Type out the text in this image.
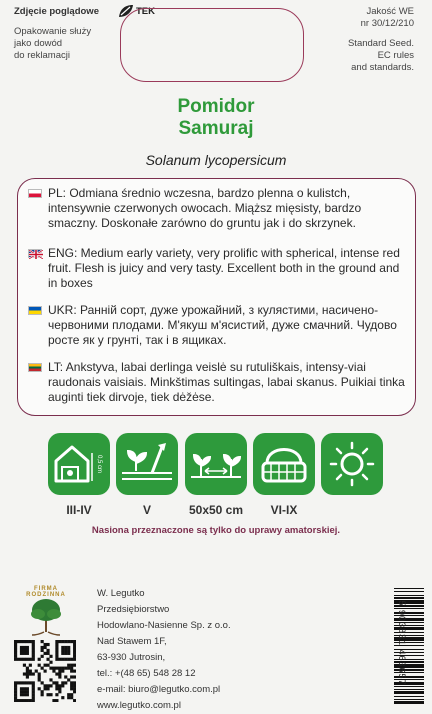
Zdjęcie poglądowe	TEK
Opakowanie służy
jako dowód
do reklamacji
Jakość WE
nr 30/12/210
Standard Seed.
EC rules
and standards.
Pomidor
Samuraj
Solanum lycopersicum
PL: Odmiana średnio wczesna, bardzo plenna o kulistch, intensywnie czerwonych owocach. Miąższ mięsisty, bardzo smaczny. Doskonałe zarówno do gruntu jak i do skrzynek.
ENG: Medium early variety, very prolific with spherical, intense red fruit. Flesh is juicy and very tasty. Excellent both in the ground and in boxes
UKR: Ранній сорт, дуже урожайний, з кулястими, насичено-червоними плодами. М'якуш м'ясистий, дуже смачний. Чудово росте як у грунті, так і в ящиках.
LT: Ankstyva, labai derlinga veislė su rutuliškais, intensy-viai raudonais vaisiais. Minkštimas sultingas, labai skanus. Puikiai tinka auginti tiek dirvoje, tiek dėžėse.
0,5 cm
III-IV	V	50x50 cm	VI-IX
Nasiona przeznaczone są tylko do uprawy amatorskiej.
FIRMA RODZINNA	W. Legutko
Przedsiębiorstwo
Hodowlano-Nasienne Sp. z o.o.
Nad Stawem 1F,
63-930 Jutrosin,
tel.: +(48 65) 548 28 12
e-mail: biuro@legutko.com.pl
www.legutko.com.pl
5 903831 463657
